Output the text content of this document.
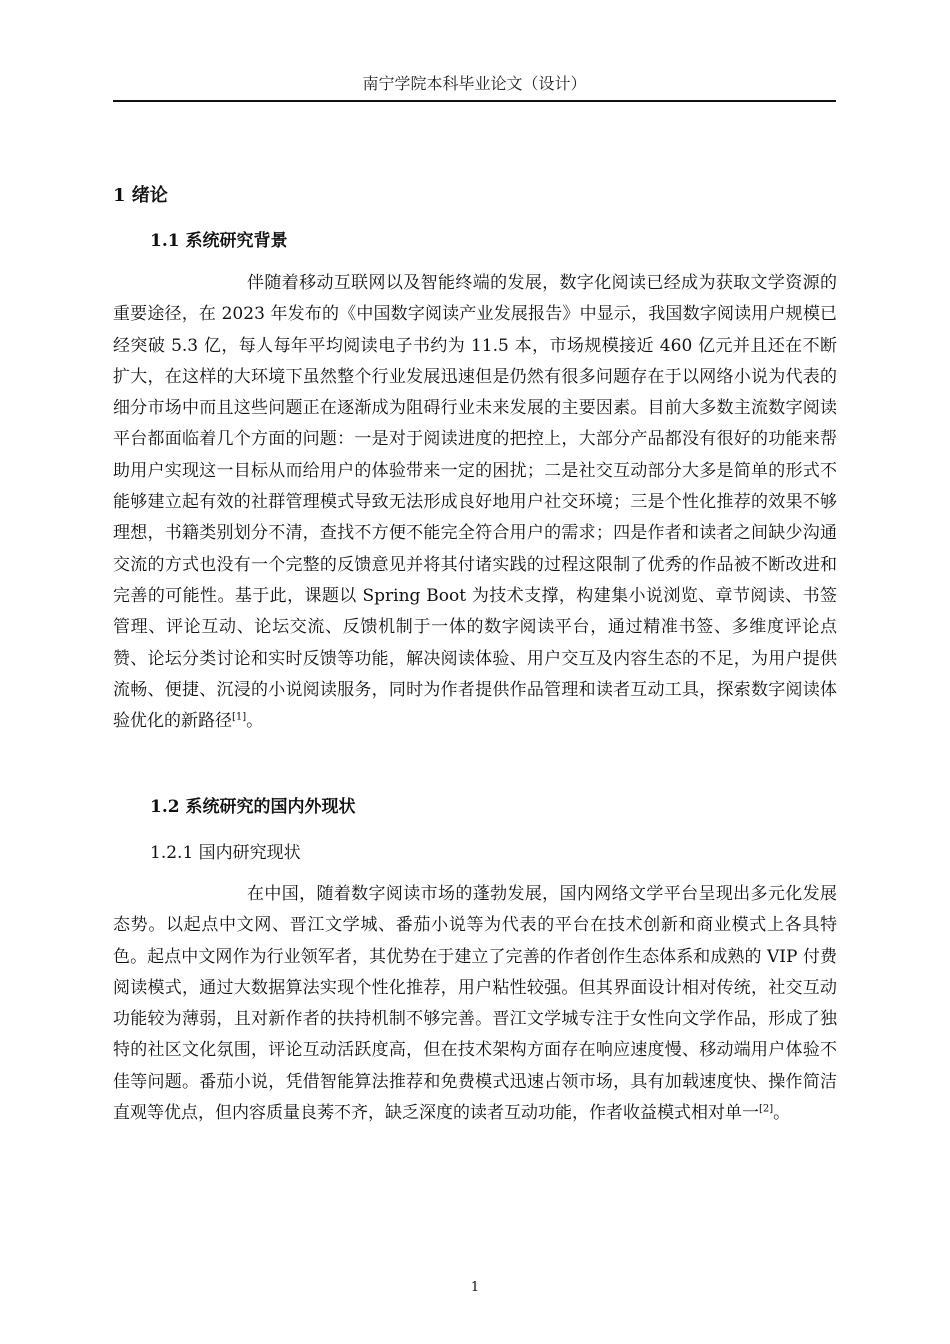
南宁学院本科毕业论文（设计）
1 绪论
1.1 系统研究背景

伴随着移动互联网以及智能终端的发展，数字化阅读已经成为获取文学资源的重要途径，在 2023 年发布的《中国数字阅读产业发展报告》中显示，我国数字阅读用户规模已经突破 5.3 亿，每人每年平均阅读电子书约为 11.5 本，市场规模接近 460 亿元并且还在不断扩大，在这样的大环境下虽然整个行业发展迅速但是仍然有很多问题存在于以网络小说为代表的细分市场中而且这些问题正在逐渐成为阻碍行业未来发展的主要因素。目前大多数主流数字阅读平台都面临着几个方面的问题：一是对于阅读进度的把控上，大部分产品都没有很好的功能来帮助用户实现这一目标从而给用户的体验带来一定的困扰；二是社交互动部分大多是简单的形式不能够建立起有效的社群管理模式导致无法形成良好地用户社交环境；三是个性化推荐的效果不够理想，书籍类别划分不清，查找不方便不能完全符合用户的需求；四是作者和读者之间缺少沟通交流的方式也没有一个完整的反馈意见并将其付诸实践的过程这限制了优秀的作品被不断改进和完善的可能性。基于此，课题以 Spring Boot 为技术支撑，构建集小说浏览、章节阅读、书签管理、评论互动、论坛交流、反馈机制于一体的数字阅读平台，通过精准书签、多维度评论点赞、论坛分类讨论和实时反馈等功能，解决阅读体验、用户交互及内容生态的不足，为用户提供流畅、便捷、沉浸的小说阅读服务，同时为作者提供作品管理和读者互动工具，探索数字阅读体验优化的新路径[1]。

1.2 系统研究的国内外现状
1.2.1 国内研究现状

在中国，随着数字阅读市场的蓬勃发展，国内网络文学平台呈现出多元化发展态势。以起点中文网、晋江文学城、番茄小说等为代表的平台在技术创新和商业模式上各具特色。起点中文网作为行业领军者，其优势在于建立了完善的作者创作生态体系和成熟的 VIP 付费阅读模式，通过大数据算法实现个性化推荐，用户粘性较强。但其界面设计相对传统，社交互动功能较为薄弱，且对新作者的扶持机制不够完善。晋江文学城专注于女性向文学作品，形成了独特的社区文化氛围，评论互动活跃度高，但在技术架构方面存在响应速度慢、移动端用户体验不佳等问题。番茄小说，凭借智能算法推荐和免费模式迅速占领市场，具有加载速度快、操作简洁直观等优点，但内容质量良莠不齐，缺乏深度的读者互动功能，作者收益模式相对单一[2]。

1
